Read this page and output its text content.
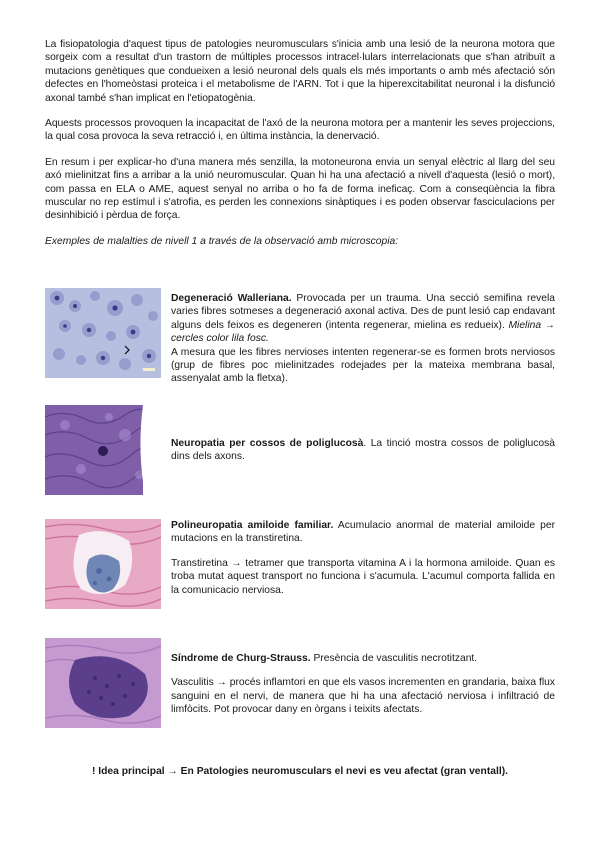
La fisiopatologia d'aquest tipus de patologies neuromusculars s'inicia amb una lesió de la neurona motora que sorgeix com a resultat d'un trastorn de múltiples processos intracel·lulars interrelacionats que s'han atribuït a mutacions genètiques que condueixen a lesió neuronal dels quals els més importants o amb més afectació són defectes en l'homeòstasi proteica i el metabolisme de l'ARN. Tot i que la hiperexcitabilitat neuronal i la disfunció axonal també s'han implicat en l'etiopatogènia.

Aquests processos provoquen la incapacitat de l'axó de la neurona motora per a mantenir les seves projeccions, la qual cosa provoca la seva retracció i, en última instància, la denervació.

En resum i per explicar-ho d'una manera més senzilla, la motoneurona envia un senyal elèctric al llarg del seu axó mielinitzat fins a arribar a la unió neuromuscular. Quan hi ha una afectació a nivell d'aquesta (lesió o mort), com passa en ELA o AME, aquest senyal no arriba o ho fa de forma ineficaç. Com a conseqüència la fibra muscular no rep estímul i s'atrofia, es perden les connexions sinàptiques i es poden observar fasciculacions per desinhibició i pèrdua de força.

Exemples de malalties de nivell 1 a través de la observació amb microscopia:

Degeneració Walleriana. Provocada per un trauma. Una secció semifina revela varies fibres sotmeses a degeneració axonal activa. Des de punt lesió cap endavant alguns dels feixos es degeneren (intenta regenerar, mielina es redueix). Mielina → cercles color lila fosc.

A mesura que les fibres nervioses intenten regenerar-se es formen brots nerviosos (grup de fibres poc mielinitzades rodejades per la mateixa membrana basal, assenyalat amb la fletxa).

Neuropatia per cossos de poliglucosà. La tinció mostra cossos de poliglucosà dins dels axons.

Polineuropatia amiloide familiar. Acumulacio anormal de material amiloide per mutacions en la transtiretina.

Transtiretina → tetramer que transporta vitamina A i la hormona amiloide. Quan es troba mutat aquest transport no funciona i s'acumula. L'acumul comporta fallida en la comunicacio nerviosa.

Síndrome de Churg-Strauss. Presència de vasculitis necrotitzant.

Vasculitis → procés inflamtori en que els vasos incrementen en grandaria, baixa flux sanguini en el nervi, de manera que hi ha una afectació nerviosa i infiltració de limfòcits. Pot provocar dany en òrgans i teixits afectats.

! Idea principal → En Patologies neuromusculars el nevi es veu afectat (gran ventall).
